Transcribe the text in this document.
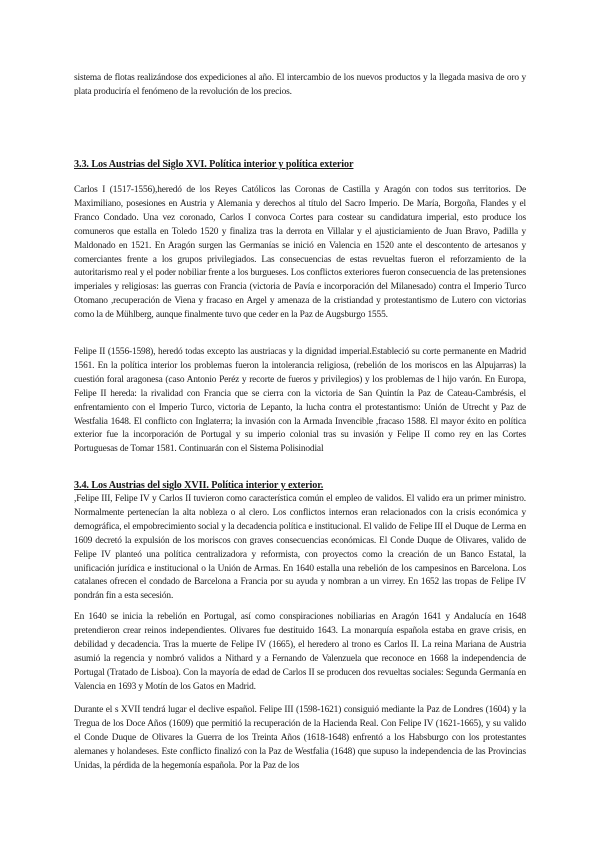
sistema de flotas realizándose dos expediciones al año. El intercambio de los nuevos productos y la llegada masiva de oro y plata produciría el fenómeno de la revolución de los precios.

3.3. Los Austrias del Siglo XVI. Política interior y política exterior

Carlos I (1517-1556),heredó de los Reyes Católicos las Coronas de Castilla y Aragón con todos sus territorios. De Maximiliano, posesiones en Austria y Alemania y derechos al título del Sacro Imperio. De María, Borgoña, Flandes y el Franco Condado. Una vez coronado, Carlos I convoca Cortes para costear su candidatura imperial, esto produce los comuneros que estalla en Toledo 1520 y finaliza tras la derrota en Villalar y el ajusticiamiento de Juan Bravo, Padilla y Maldonado en 1521. En Aragón surgen las Germanías se inició en Valencia en 1520 ante el descontento de artesanos y comerciantes frente a los grupos privilegiados. Las consecuencias de estas revueltas fueron el reforzamiento de la autoritarismo real y el poder nobiliar frente a los burgueses. Los conflictos exteriores fueron consecuencia de las pretensiones imperiales y religiosas: las guerras con Francia (victoria de Pavía e incorporación del Milanesado) contra el Imperio Turco Otomano ,recuperación de Viena y fracaso en Argel y amenaza de la cristiandad y protestantismo de Lutero con victorias como la de Mühlberg, aunque finalmente tuvo que ceder en la Paz de Augsburgo 1555.

Felipe II (1556-1598), heredó todas excepto las austriacas y la dignidad imperial.Estableció su corte permanente en Madrid 1561. En la política interior los problemas fueron la intolerancia religiosa, (rebelión de los moriscos en las Alpujarras) la cuestión foral aragonesa (caso Antonio Peréz y recorte de fueros y privilegios) y los problemas de l hijo varón. En Europa, Felipe II hereda: la rivalidad con Francia que se cierra con la victoria de San Quintín la Paz de Cateau-Cambrésis, el enfrentamiento con el Imperio Turco, victoria de Lepanto, la lucha contra el protestantismo: Unión de Utrecht y Paz de Westfalia 1648. El conflicto con Inglaterra; la invasión con la Armada Invencible ,fracaso 1588. El mayor éxito en política exterior fue la incorporación de Portugal y su imperio colonial tras su invasión y Felipe II como rey en las Cortes Portuguesas de Tomar 1581. Continuarán con el Sistema Polisinodial

3.4. Los Austrias del siglo XVII. Política interior y exterior.

,Felipe III, Felipe IV y Carlos II tuvieron como característica común el empleo de validos. El valido era un primer ministro. Normalmente pertenecían la alta nobleza o al clero. Los conflictos internos eran relacionados con la crisis económica y demográfica, el empobrecimiento social y la decadencia política e institucional. El valido de Felipe III el Duque de Lerma en 1609 decretó la expulsión de los moriscos con graves consecuencias económicas. El Conde Duque de Olivares, valido de Felipe IV planteó una política centralizadora y reformista, con proyectos como la creación de un Banco Estatal, la unificación jurídica e institucional o la Unión de Armas. En 1640 estalla una rebelión de los campesinos en Barcelona. Los catalanes ofrecen el condado de Barcelona a Francia por su ayuda y nombran a un virrey. En 1652 las tropas de Felipe IV pondrán fin a esta secesión.

En 1640 se inicia la rebelión en Portugal, así como conspiraciones nobiliarias en Aragón 1641 y Andalucía en 1648 pretendieron crear reinos independientes. Olivares fue destituido 1643. La monarquía española estaba en grave crisis, en debilidad y decadencia. Tras la muerte de Felipe IV (1665), el heredero al trono es Carlos II. La reina Mariana de Austria asumió la regencia y nombró validos a Nithard y a Fernando de Valenzuela que reconoce en 1668 la independencia de Portugal (Tratado de Lisboa). Con la mayoría de edad de Carlos II se producen dos revueltas sociales: Segunda Germanía en Valencia en 1693 y Motín de los Gatos en Madrid.

Durante el s XVII tendrá lugar el declive español. Felipe III (1598-1621) consiguió mediante la Paz de Londres (1604) y la Tregua de los Doce Años (1609) que permitió la recuperación de la Hacienda Real. Con Felipe IV (1621-1665), y su valido el Conde Duque de Olivares la Guerra de los Treinta Años (1618-1648) enfrentó a los Habsburgo con los protestantes alemanes y holandeses. Este conflicto finalizó con la Paz de Westfalia (1648) que supuso la independencia de las Provincias Unidas, la pérdida de la hegemonía española. Por la Paz de los
